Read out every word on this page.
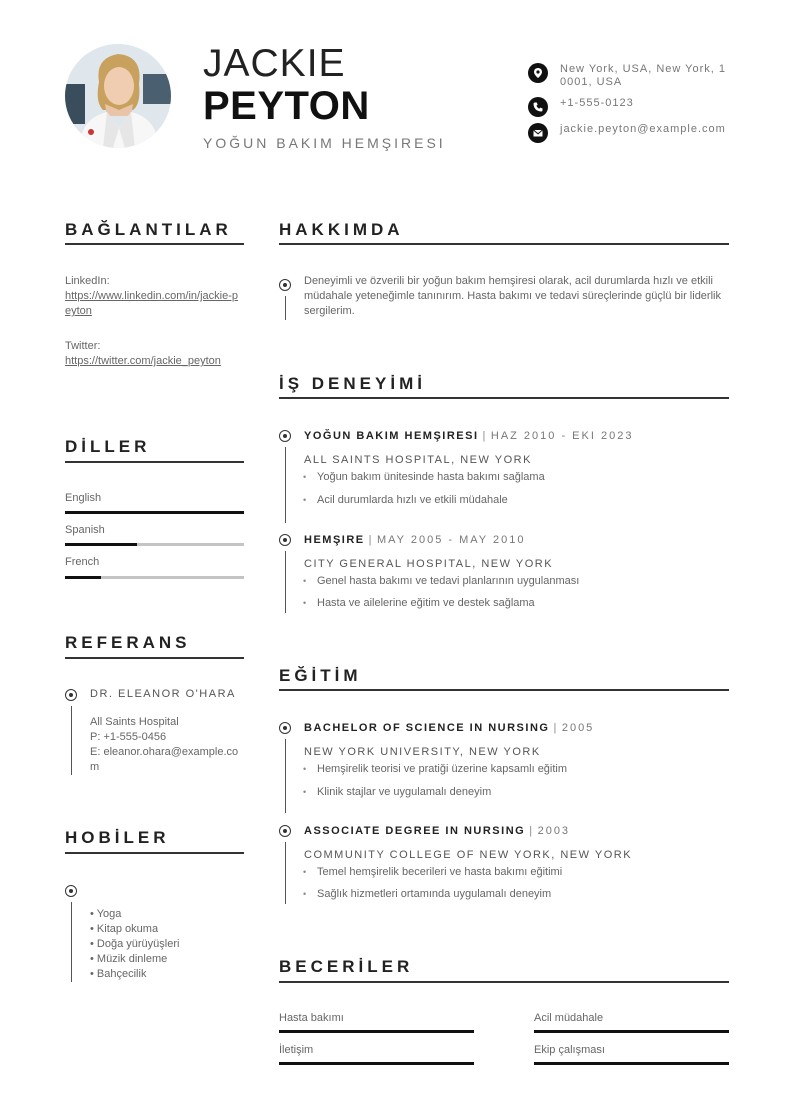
JACKIE
PEYTON
YOĞUN BAKIM HEMŞIRESI
New York, USA, New York, 10001, USA
+1-555-0123
jackie.peyton@example.com
BAĞLANTILAR
LinkedIn:
https://www.linkedin.com/in/jackie-peyton
Twitter:
https://twitter.com/jackie_peyton
DİLLER
English
Spanish
French
REFERANS
DR. ELEANOR O'HARA
All Saints Hospital
P: +1-555-0456
E: eleanor.ohara@example.com
HOBİLER
• Yoga
• Kitap okuma
• Doğa yürüyüşleri
• Müzik dinleme
• Bahçecilik
HAKKIMDA
Deneyimli ve özverili bir yoğun bakım hemşiresi olarak, acil durumlarda hızlı ve etkili müdahale yeteneğimle tanınırım. Hasta bakımı ve tedavi süreçlerinde güçlü bir liderlik sergilerim.
İŞ DENEYİMİ
YOĞUN BAKIM HEMŞIRESI | HAZ 2010 - EKI 2023
ALL SAINTS HOSPITAL, NEW YORK
• Yoğun bakım ünitesinde hasta bakımı sağlama
• Acil durumlarda hızlı ve etkili müdahale
HEMŞIRE | MAY 2005 - MAY 2010
CITY GENERAL HOSPITAL, NEW YORK
• Genel hasta bakımı ve tedavi planlarının uygulanması
• Hasta ve ailelerine eğitim ve destek sağlama
EĞİTİM
BACHELOR OF SCIENCE IN NURSING | 2005
NEW YORK UNIVERSITY, NEW YORK
• Hemşirelik teorisi ve pratiği üzerine kapsamlı eğitim
• Klinik stajlar ve uygulamalı deneyim
ASSOCIATE DEGREE IN NURSING | 2003
COMMUNITY COLLEGE OF NEW YORK, NEW YORK
• Temel hemşirelik becerileri ve hasta bakımı eğitimi
• Sağlık hizmetleri ortamında uygulamalı deneyim
BECERİLER
Hasta bakımı	Acil müdahale
İletişim	Ekip çalışması
